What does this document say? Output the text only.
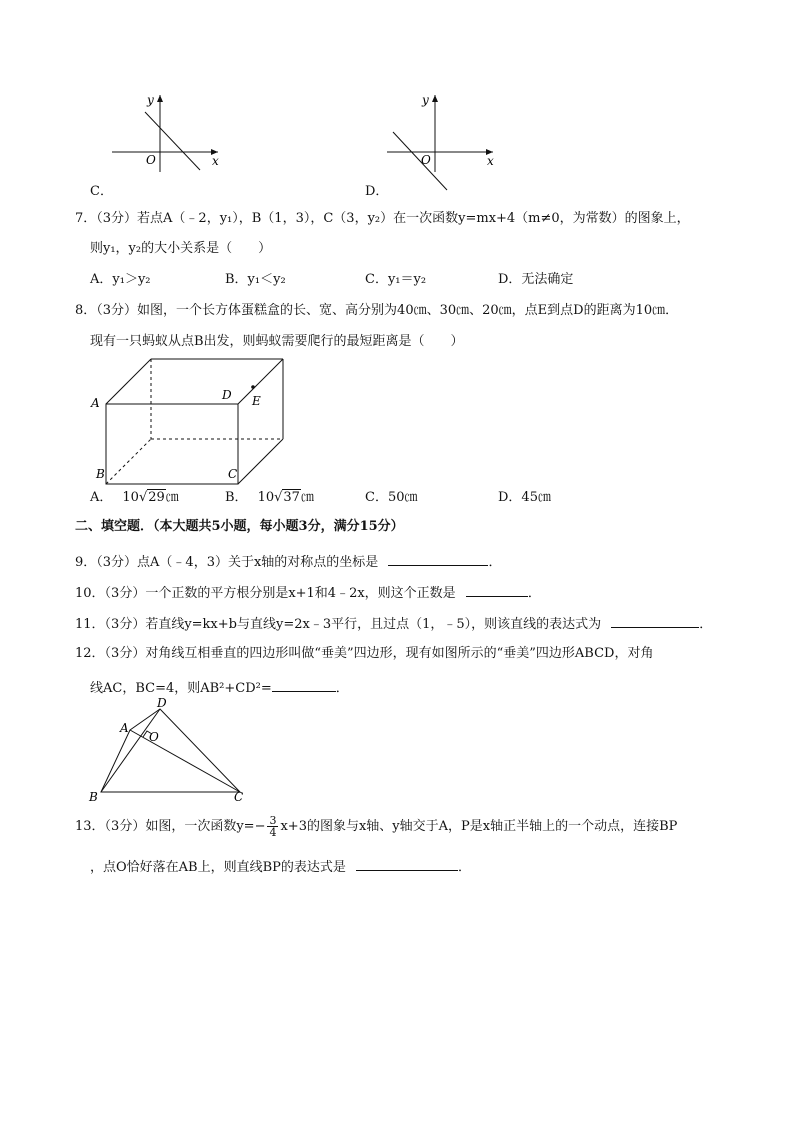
y
x
O
C．
y
x
O
D．
7．（3分）若点A（﹣2，y₁），B（1，3），C（3，y₂）在一次函数y=mx+4（m≠0，为常数）的图象上，
则y₁，y₂的大小关系是（　　）
A．y₁＞y₂	B．y₁＜y₂	C．y₁＝y₂	D．无法确定
8．（3分）如图，一个长方体蛋糕盒的长、宽、高分别为40㎝、30㎝、20㎝，点E到点D的距离为10㎝．
现有一只蚂蚁从点B出发，则蚂蚁需要爬行的最短距离是（　　）
A
D E
B	C
A． 10√29㎝	B． 10√37㎝	C．50㎝	D．45㎝
二、填空题．（本大题共5小题，每小题3分，满分15分）
9．（3分）点A（﹣4，3）关于x轴的对称点的坐标是	．
10．（3分）一个正数的平方根分别是x+1和4﹣2x，则这个正数是	．
11．（3分）若直线y=kx+b与直线y=2x﹣3平行，且过点（1，﹣5），则该直线的表达式为	．
12．（3分）对角线互相垂直的四边形叫做“垂美”四边形，现有如图所示的“垂美”四边形ABCD，对角
线AC，BC=4，则AB²+CD²=	．
A
D
O
B	C
13．（3分）如图，一次函数$y=- \frac{3}{4} x+3$的图象与x轴、y轴交于A，P是x轴正半轴上的一个动点，连接BP
，点O恰好落在AB上，则直线BP的表达式是	．
